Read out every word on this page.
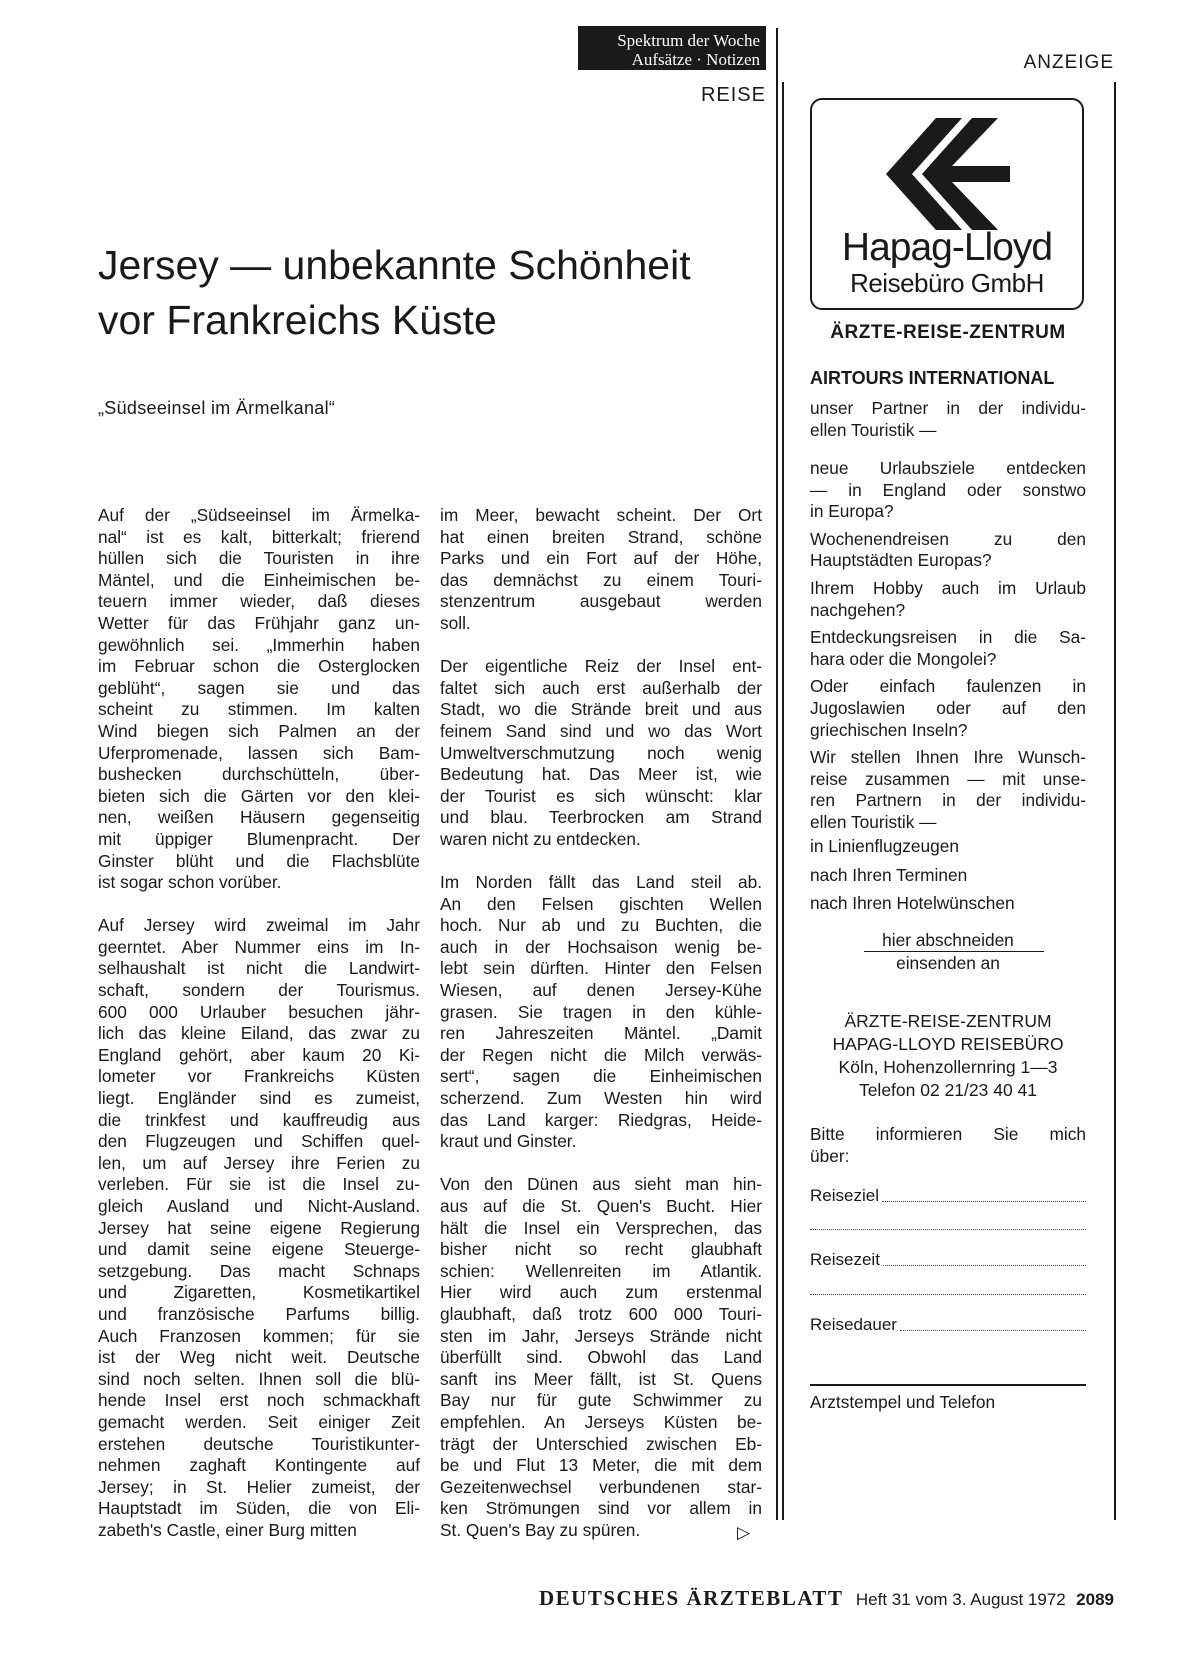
Spektrum der Woche
Aufsätze · Notizen
REISE
ANZEIGE
Jersey — unbekannte Schönheit
vor Frankreichs Küste
„Südseeinsel im Ärmelkanal“

Auf der „Südseeinsel im Ärmelka-
nal“ ist es kalt, bitterkalt; frierend
hüllen sich die Touristen in ihre
Mäntel, und die Einheimischen be-
teuern immer wieder, daß dieses
Wetter für das Frühjahr ganz un-
gewöhnlich sei. „Immerhin haben
im Februar schon die Osterglocken
geblüht“, sagen sie und das
scheint zu stimmen. Im kalten
Wind biegen sich Palmen an der
Uferpromenade, lassen sich Bam-
bushecken durchschütteln, über-
bieten sich die Gärten vor den klei-
nen, weißen Häusern gegenseitig
mit üppiger Blumenpracht. Der
Ginster blüht und die Flachsblüte
ist sogar schon vorüber.

Auf Jersey wird zweimal im Jahr
geerntet. Aber Nummer eins im In-
selhaushalt ist nicht die Landwirt-
schaft, sondern der Tourismus.
600 000 Urlauber besuchen jähr-
lich das kleine Eiland, das zwar zu
England gehört, aber kaum 20 Ki-
lometer vor Frankreichs Küsten
liegt. Engländer sind es zumeist,
die trinkfest und kauffreudig aus
den Flugzeugen und Schiffen quel-
len, um auf Jersey ihre Ferien zu
verleben. Für sie ist die Insel zu-
gleich Ausland und Nicht-Ausland.
Jersey hat seine eigene Regierung
und damit seine eigene Steuerge-
setzgebung. Das macht Schnaps
und Zigaretten, Kosmetikartikel
und französische Parfums billig.
Auch Franzosen kommen; für sie
ist der Weg nicht weit. Deutsche
sind noch selten. Ihnen soll die blü-
hende Insel erst noch schmackhaft
gemacht werden. Seit einiger Zeit
erstehen deutsche Touristikunter-
nehmen zaghaft Kontingente auf
Jersey; in St. Helier zumeist, der
Hauptstadt im Süden, die von Eli-
zabeth's Castle, einer Burg mitten

im Meer, bewacht scheint. Der Ort
hat einen breiten Strand, schöne
Parks und ein Fort auf der Höhe,
das demnächst zu einem Touri-
stenzentrum ausgebaut werden
soll.

Der eigentliche Reiz der Insel ent-
faltet sich auch erst außerhalb der
Stadt, wo die Strände breit und aus
feinem Sand sind und wo das Wort
Umweltverschmutzung noch wenig
Bedeutung hat. Das Meer ist, wie
der Tourist es sich wünscht: klar
und blau. Teerbrocken am Strand
waren nicht zu entdecken.

Im Norden fällt das Land steil ab.
An den Felsen gischten Wellen
hoch. Nur ab und zu Buchten, die
auch in der Hochsaison wenig be-
lebt sein dürften. Hinter den Felsen
Wiesen, auf denen Jersey-Kühe
grasen. Sie tragen in den kühle-
ren Jahreszeiten Mäntel. „Damit
der Regen nicht die Milch verwäs-
sert“, sagen die Einheimischen
scherzend. Zum Westen hin wird
das Land karger: Riedgras, Heide-
kraut und Ginster.

Von den Dünen aus sieht man hin-
aus auf die St. Quen's Bucht. Hier
hält die Insel ein Versprechen, das
bisher nicht so recht glaubhaft
schien: Wellenreiten im Atlantik.
Hier wird auch zum erstenmal
glaubhaft, daß trotz 600 000 Touri-
sten im Jahr, Jerseys Strände nicht
überfüllt sind. Obwohl das Land
sanft ins Meer fällt, ist St. Quens
Bay nur für gute Schwimmer zu
empfehlen. An Jerseys Küsten be-
trägt der Unterschied zwischen Eb-
be und Flut 13 Meter, die mit dem
Gezeitenwechsel verbundenen star-
ken Strömungen sind vor allem in
St. Quen's Bay zu spüren.	▷
Hapag-Lloyd
Reisebüro GmbH
ÄRZTE-REISE-ZENTRUM
AIRTOURS INTERNATIONAL
unser Partner in der individu-
ellen Touristik —
neue Urlaubsziele entdecken
— in England oder sonstwo
in Europa?
Wochenendreisen zu den
Hauptstädten Europas?
Ihrem Hobby auch im Urlaub
nachgehen?
Entdeckungsreisen in die Sa-
hara oder die Mongolei?
Oder einfach faulenzen in
Jugoslawien oder auf den
griechischen Inseln?
Wir stellen Ihnen Ihre Wunsch-
reise zusammen — mit unse-
ren Partnern in der individu-
ellen Touristik —
in Linienflugzeugen
nach Ihren Terminen
nach Ihren Hotelwünschen
hier abschneiden
einsenden an
ÄRZTE-REISE-ZENTRUM
HAPAG-LLOYD REISEBÜRO
Köln, Hohenzollernring 1—3
Telefon 02 21/23 40 41
Bitte informieren Sie mich
über:
Reiseziel
Reisezeit
Reisedauer
Arztstempel und Telefon
DEUTSCHES ÄRZTEBLATT Heft 31 vom 3. August 1972 2089
